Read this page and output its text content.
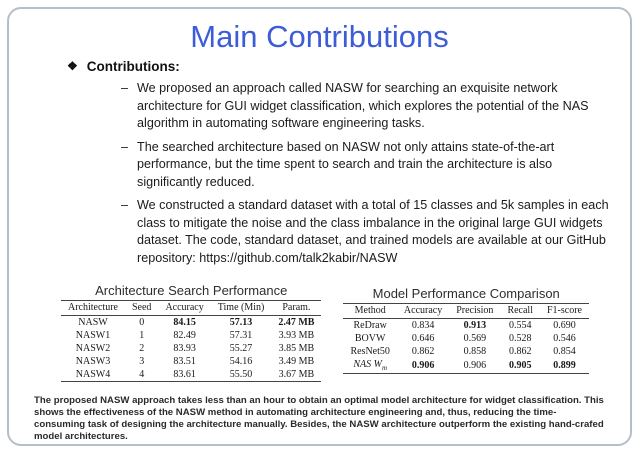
Main Contributions
❖ Contributions:
– We proposed an approach called NASW for searching an exquisite network architecture for GUI widget classification, which explores the potential of the NAS algorithm in automating software engineering tasks.
– The searched architecture based on NASW not only attains state-of-the-art performance, but the time spent to search and train the architecture is also significantly reduced.
– We constructed a standard dataset with a total of 15 classes and 5k samples in each class to mitigate the noise and the class imbalance in the original large GUI widgets dataset. The code, standard dataset, and trained models are available at our GitHub repository: https://github.com/talk2kabir/NASW
Architecture Search Performance
Architecture	Seed	Accuracy	Time (Min)	Param.
NASW	0	84.15	57.13	2.47 MB
NASW1	1	82.49	57.31	3.93 MB
NASW2	2	83.93	55.27	3.85 MB
NASW3	3	83.51	54.16	3.49 MB
NASW4	4	83.61	55.50	3.67 MB
Model Performance Comparison
Method	Accuracy	Precision	Recall	F1-score
ReDraw	0.834	0.913	0.554	0.690
BOVW	0.646	0.569	0.528	0.546
ResNet50	0.862	0.858	0.862	0.854
NAS $W_m$	0.906	0.906	0.905	0.899

The proposed NASW approach takes less than an hour to obtain an optimal model architecture for widget classification. This shows the effectiveness of the NASW method in automating architecture engineering and, thus, reducing the time-consuming task of designing the architecture manually. Besides, the NASW architecture outperform the existing hand-crafed model architectures.
